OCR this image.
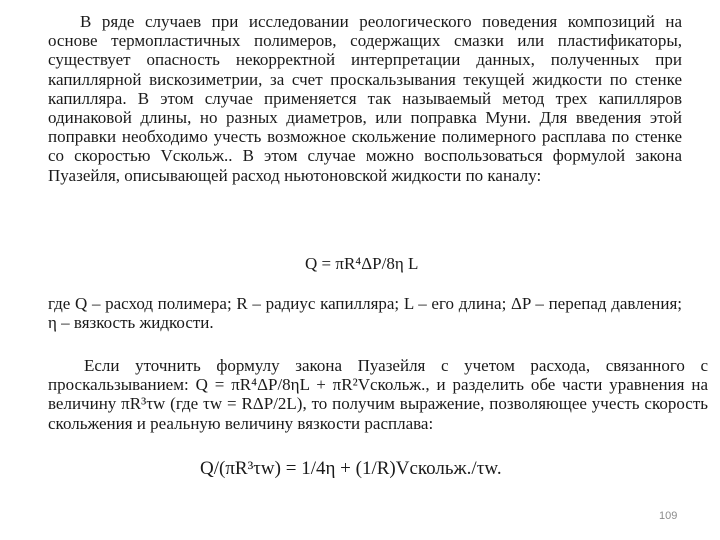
В ряде случаев при исследовании реологического поведения композиций на основе термопластичных полимеров, содержащих смазки или пластификаторы, существует опасность некорректной интерпретации данных, полученных при капиллярной вискозиметрии, за счет проскальзывания текущей жидкости по стенке капилляра. В этом случае применяется так называемый метод трех капилляров одинаковой длины, но разных диаметров, или поправка Муни. Для введения этой поправки необходимо учесть возможное скольжение полимерного расплава по стенке со скоростью Vскольж.. В этом случае можно воспользоваться формулой закона Пуазейля, описывающей расход ньютоновской жидкости по каналу:
Q = πR⁴ΔP/8η L
где Q – расход полимера; R – радиус капилляра; L – его длина; ΔP – перепад давления; η – вязкость жидкости.
Если уточнить формулу закона Пуазейля с учетом расхода, связанного с проскальзыванием: Q = πR⁴ΔP/8ηL + πR²Vскольж., и разделить обе части уравнения на величину πR³τw (где τw = RΔP/2L), то получим выражение, позволяющее учесть скорость скольжения и реальную величину вязкости расплава:
Q/(πR³τw) = 1/4η + (1/R)Vскольж./τw.
109
